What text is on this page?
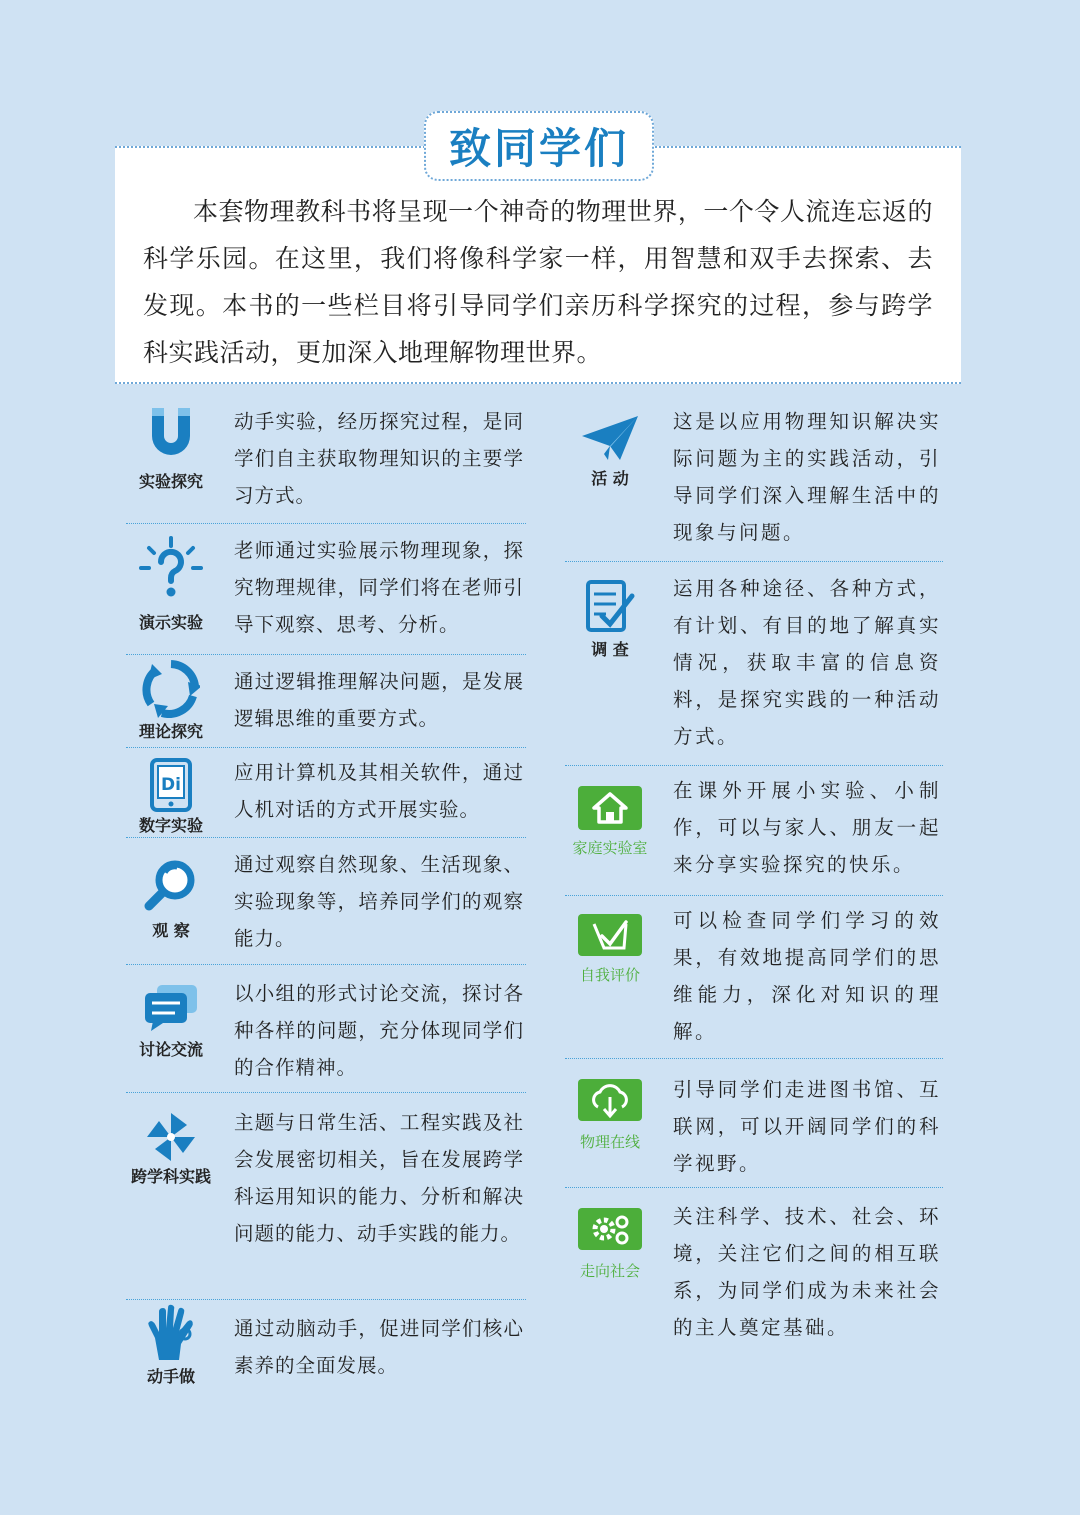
致同学们

本套物理教科书将呈现一个神奇的物理世界，一个令人流连忘返的科学乐园。在这里，我们将像科学家一样，用智慧和双手去探索、去发现。本书的一些栏目将引导同学们亲历科学探究的过程，参与跨学科实践活动，更加深入地理解物理世界。

实验探究
动手实验，经历探究过程，是同学们自主获取物理知识的主要学习方式。
演示实验
老师通过实验展示物理现象，探究物理规律，同学们将在老师引导下观察、思考、分析。
理论探究
通过逻辑推理解决问题，是发展逻辑思维的重要方式。
Di
数字实验
应用计算机及其相关软件，通过人机对话的方式开展实验。
观 察
通过观察自然现象、生活现象、实验现象等，培养同学们的观察能力。
讨论交流
以小组的形式讨论交流，探讨各种各样的问题，充分体现同学们的合作精神。
跨学科实践
主题与日常生活、工程实践及社会发展密切相关，旨在发展跨学科运用知识的能力、分析和解决问题的能力、动手实践的能力。
动手做
通过动脑动手，促进同学们核心素养的全面发展。
活 动
这是以应用物理知识解决实际问题为主的实践活动，引导同学们深入理解生活中的现象与问题。
调 查
运用各种途径、各种方式，有计划、有目的地了解真实情况，获取丰富的信息资料，是探究实践的一种活动方式。
家庭实验室
在课外开展小实验、小制作，可以与家人、朋友一起来分享实验探究的快乐。
自我评价
可以检查同学们学习的效果，有效地提高同学们的思维能力，深化对知识的理解。
物理在线
引导同学们走进图书馆、互联网，可以开阔同学们的科学视野。
走向社会
关注科学、技术、社会、环境，关注它们之间的相互联系，为同学们成为未来社会的主人奠定基础。
